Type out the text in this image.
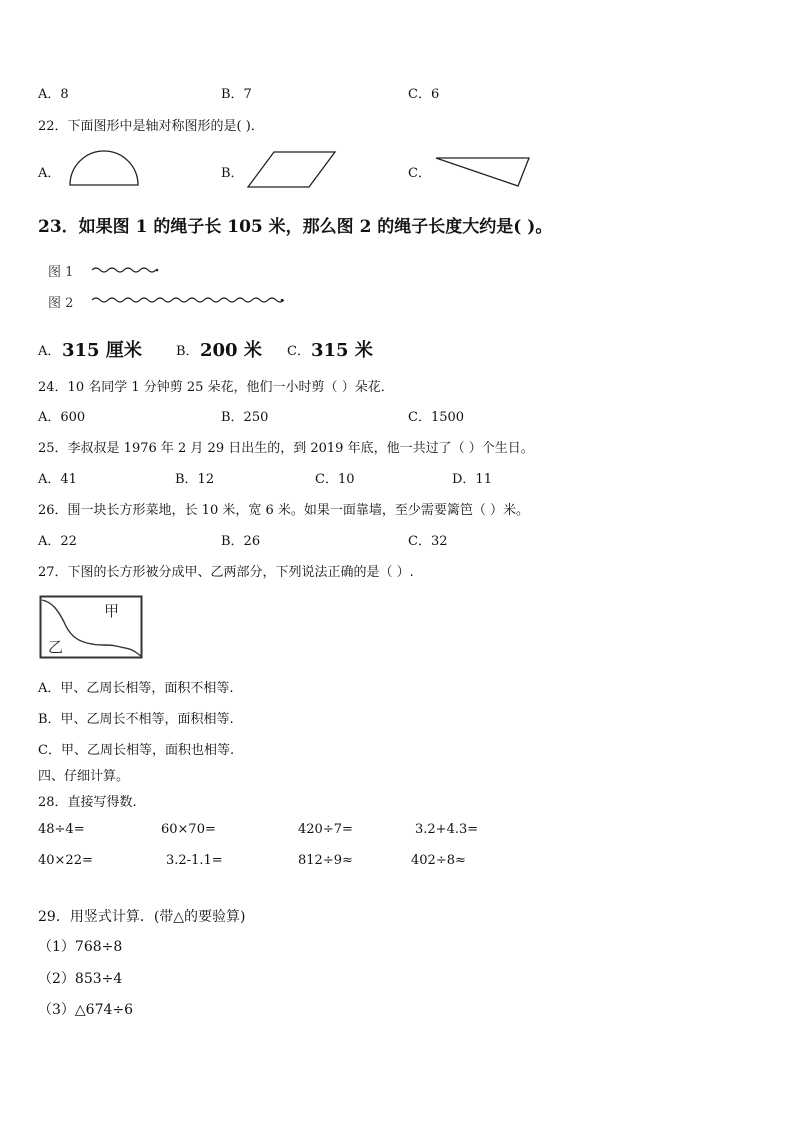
A．8	B．7	C．6
22．下面图形中是轴对称图形的是( )．
A．	B．	C．
23．如果图 1 的绳子长 105 米，那么图 2 的绳子长度大约是( )。
图 1
图 2
A． 315 厘米	B． 200 米 C． 315 米
24．10 名同学 1 分钟剪 25 朵花，他们一小时剪（ ）朵花．
A．600	B．250	C．1500
25．李叔叔是 1976 年 2 月 29 日出生的，到 2019 年底，他一共过了（ ）个生日。
A．41	B．12	C．10	D．11
26．围一块长方形菜地，长 10 米，宽 6 米。如果一面靠墙，至少需要篱笆（ ）米。
A．22	B．26	C．32
27．下图的长方形被分成甲、乙两部分，下列说法正确的是（ ）.
甲
乙
A．甲、乙周长相等，面积不相等.
B．甲、乙周长不相等，面积相等.
C．甲、乙周长相等，面积也相等.
四、仔细计算。
28．直接写得数.
48÷4=	60×70=	420÷7=	3.2+4.3=
40×22=	3.2-1.1=	812÷9≈	402÷8≈
29．用竖式计算．(带△的要验算)
（1）768÷8
（2）853÷4
（3）△674÷6
